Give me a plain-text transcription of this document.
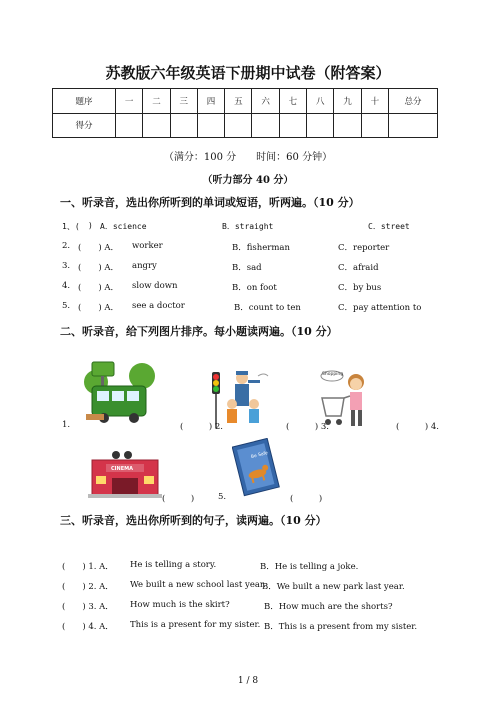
苏教版六年级英语下册期中试卷（附答案）
题序	一	二	三	四	五	六	七	八	九	十	总分
得分											
（满分：100 分　　时间：60 分钟）
（听力部分 40 分）
一、听录音，选出你所听到的单词或短语，听两遍。（10 分）
1、( ) A．science	B．straight	C．street
2. (　　) A． worker	B．fisherman	C．reporter
3. (　　) A． angry	B．sad	C．afraid
4. (　　) A． slow down	B．on foot	C．by bus
5. (　　) A． see a doctor	B．count to ten	C．pay attention to
二、听录音，给下列图片排序。每小题读两遍。（10 分）
BUS
Shopping
1.	(　　　) 2.	(　　　) 3.	(　　　) 4.
CINEMA
Be Safe
(　　　)	5.	(　　　)
三、听录音，选出你所听到的句子，读两遍。（10 分）
(　　) 1. A． He is telling a story.	B．He is telling a joke.
(　　) 2. A． We built a new school last year.
B．We built a new park last year.
(　　) 3. A． How much is the skirt?	B．How much are the shorts?
(　　) 4. A． This is a present for my sister. B．This is a present from my sister.
1 / 8
